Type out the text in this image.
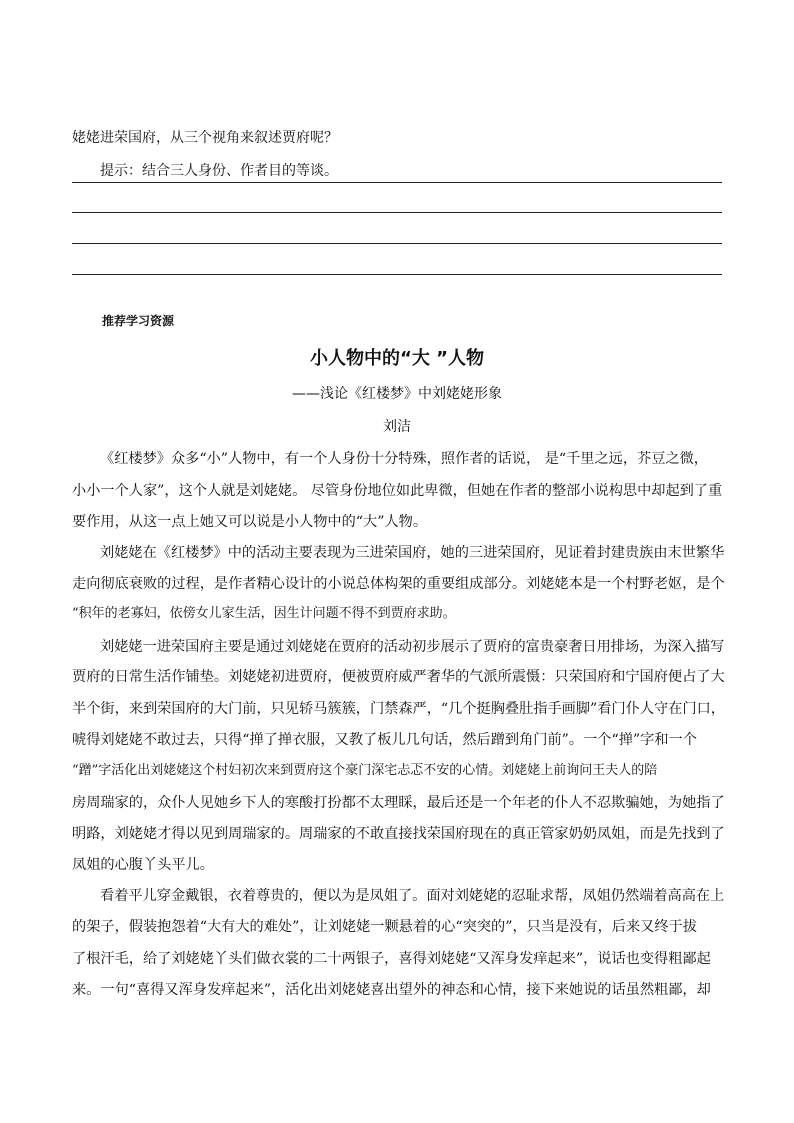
姥姥进荣国府，从三个视角来叙述贾府呢？
提示：结合三人身份、作者目的等谈。
推荐学习资源
小人物中的“大 ”人物
——浅论《红楼梦》中刘姥姥形象
刘洁
《红楼梦》众多“小”人物中，有一个人身份十分特殊，照作者的话说， 是“千里之远，芥豆之微，
小小一个人家”，这个人就是刘姥姥。 尽管身份地位如此卑微，但她在作者的整部小说构思中却起到了重
要作用，从这一点上她又可以说是小人物中的“大”人物。
刘姥姥在《红楼梦》中的活动主要表现为三进荣国府，她的三进荣国府，见证着封建贵族由末世繁华
走向彻底衰败的过程，是作者精心设计的小说总体构架的重要组成部分。刘姥姥本是一个村野老妪，是个
“积年的老寡妇，依傍女儿家生活，因生计问题不得不到贾府求助。
刘姥姥一进荣国府主要是通过刘姥姥在贾府的活动初步展示了贾府的富贵豪奢日用排场，为深入描写
贾府的日常生活作铺垫。刘姥姥初进贾府，便被贾府威严奢华的气派所震慑：只荣国府和宁国府便占了大
半个街，来到荣国府的大门前，只见轿马簇簇，门禁森严，“几个挺胸叠肚指手画脚”看门仆人守在门口，
唬得刘姥姥不敢过去，只得“掸了掸衣服，又教了板儿几句话，然后蹭到角门前”。一个“掸”字和一个
“蹭”字活化出刘姥姥这个村妇初次来到贾府这个豪门深宅忐忑不安的心情。刘姥姥上前询问王夫人的陪
房周瑞家的，众仆人见她乡下人的寒酸打扮都不太理睬，最后还是一个年老的仆人不忍欺骗她，为她指了
明路，刘姥姥才得以见到周瑞家的。周瑞家的不敢直接找荣国府现在的真正管家奶奶凤姐，而是先找到了
凤姐的心腹丫头平儿。
看着平儿穿金戴银，衣着尊贵的，便以为是凤姐了。面对刘姥姥的忍耻求帮，凤姐仍然端着高高在上
的架子，假装抱怨着“大有大的难处”，让刘姥姥一颗悬着的心“突突的”，只当是没有，后来又终于拔
了根汗毛，给了刘姥姥丫头们做衣裳的二十两银子，喜得刘姥姥“又浑身发痒起来”，说话也变得粗鄙起
来。一句“喜得又浑身发痒起来”，活化出刘姥姥喜出望外的神态和心情，接下来她说的话虽然粗鄙，却
